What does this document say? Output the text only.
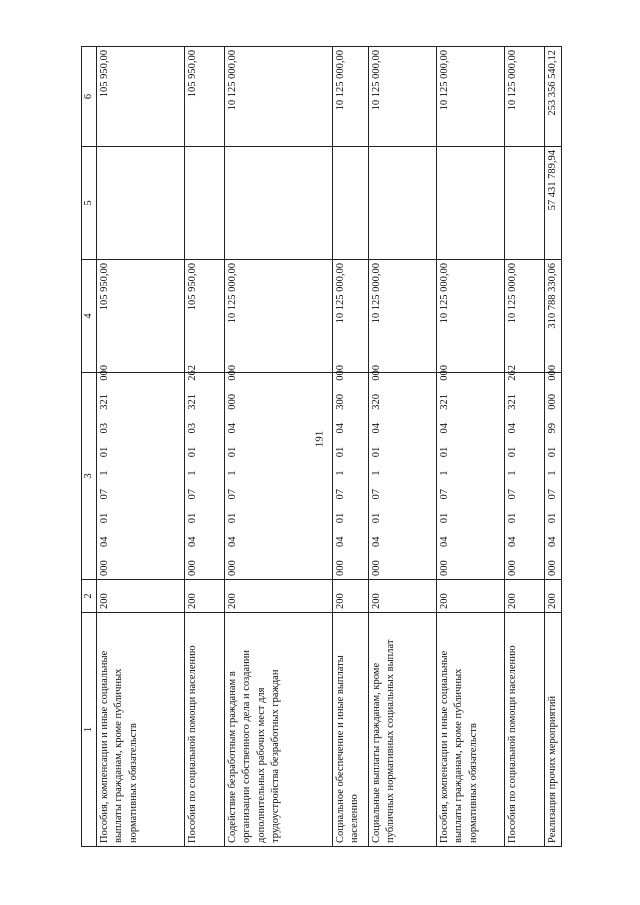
191
1	2	3	4	5	6
Пособия, компенсации и иные социальные выплаты гражданам, кроме публичных нормативных обязательств	200	000  04  01  07  1  01  03  321  000	105 950,00		105 950,00
Пособия по социальной помощи населению	200	000  04  01  07  1  01  03  321  262	105 950,00		105 950,00
Содействие безработным гражданам в организации собственного дела и создании дополнительных рабочих мест для трудоустройства безработных граждан	200	000  04  01  07  1  01  04  000  000	10 125 000,00		10 125 000,00
Социальное обеспечение и иные выплаты населению	200	000  04  01  07  1  01  04  300  000	10 125 000,00		10 125 000,00
Социальные выплаты гражданам, кроме публичных нормативных социальных выплат	200	000  04  01  07  1  01  04  320  000	10 125 000,00		10 125 000,00
Пособия, компенсации и иные социальные выплаты гражданам, кроме публичных нормативных обязательств	200	000  04  01  07  1  01  04  321  000	10 125 000,00		10 125 000,00
Пособия по социальной помощи населению	200	000  04  01  07  1  01  04  321  262	10 125 000,00		10 125 000,00
Реализация прочих мероприятий	200	000  04  01  07  1  01  99  000  000	310 788 330,06	57 431 789,94	253 356 540,12
